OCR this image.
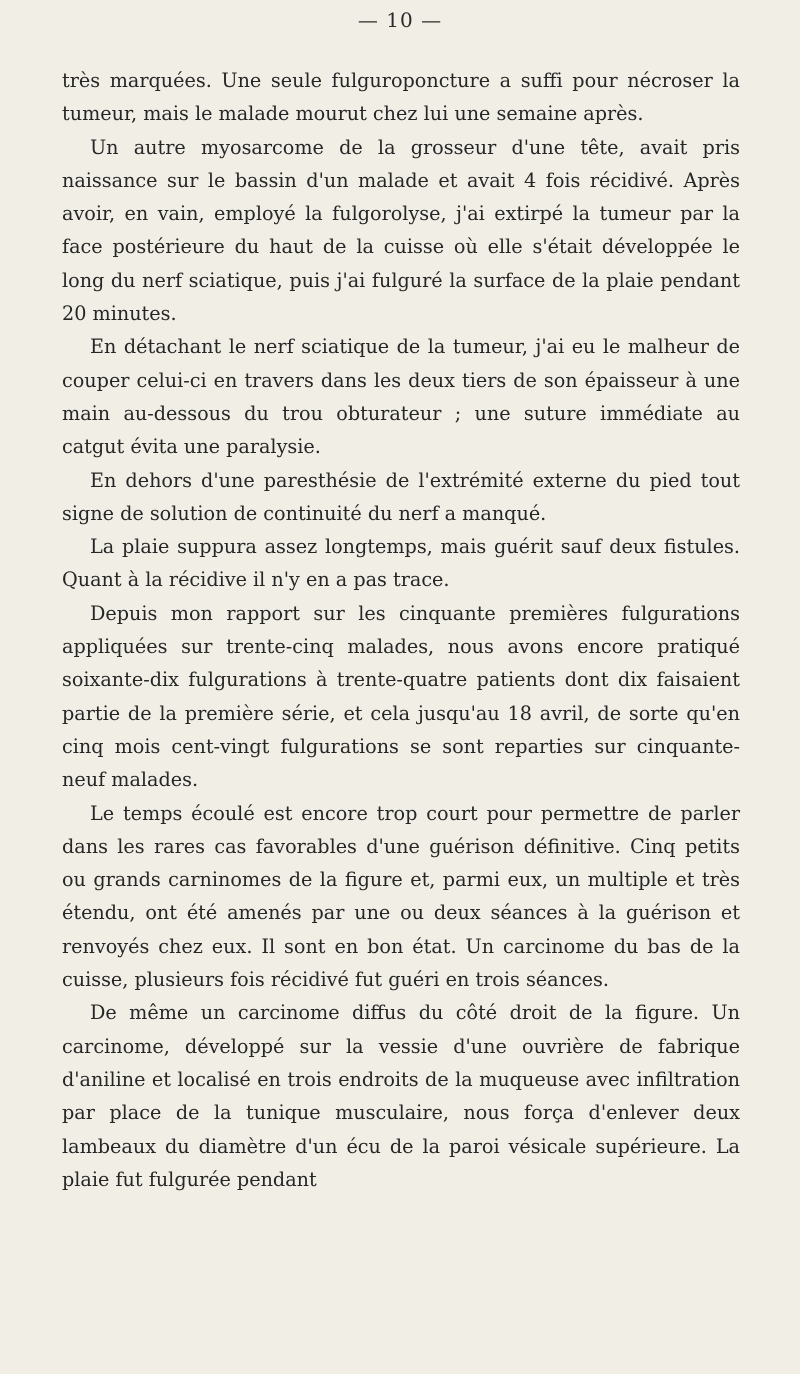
— 10 —

très marquées. Une seule fulguroponcture a suffi pour nécroser la tumeur, mais le malade mourut chez lui une semaine après.

Un autre myosarcome de la grosseur d'une tête, avait pris naissance sur le bassin d'un malade et avait 4 fois récidivé. Après avoir, en vain, employé la fulgorolyse, j'ai extirpé la tumeur par la face postérieure du haut de la cuisse où elle s'était développée le long du nerf sciatique, puis j'ai fulguré la surface de la plaie pendant 20 minutes.

En détachant le nerf sciatique de la tumeur, j'ai eu le malheur de couper celui-ci en travers dans les deux tiers de son épaisseur à une main au-dessous du trou obturateur ; une suture immédiate au catgut évita une paralysie.

En dehors d'une paresthésie de l'extrémité externe du pied tout signe de solution de continuité du nerf a manqué.

La plaie suppura assez longtemps, mais guérit sauf deux fistules. Quant à la récidive il n'y en a pas trace.

Depuis mon rapport sur les cinquante premières fulgurations appliquées sur trente-cinq malades, nous avons encore pratiqué soixante-dix fulgurations à trente-quatre patients dont dix faisaient partie de la première série, et cela jusqu'au 18 avril, de sorte qu'en cinq mois cent-vingt fulgurations se sont reparties sur cinquante-neuf malades.

Le temps écoulé est encore trop court pour permettre de parler dans les rares cas favorables d'une guérison définitive. Cinq petits ou grands carninomes de la figure et, parmi eux, un multiple et très étendu, ont été amenés par une ou deux séances à la guérison et renvoyés chez eux. Il sont en bon état. Un carcinome du bas de la cuisse, plusieurs fois récidivé fut guéri en trois séances.

De même un carcinome diffus du côté droit de la figure. Un carcinome, développé sur la vessie d'une ouvrière de fabrique d'aniline et localisé en trois endroits de la muqueuse avec infiltration par place de la tunique musculaire, nous força d'enlever deux lambeaux du diamètre d'un écu de la paroi vésicale supérieure. La plaie fut fulgurée pendant
